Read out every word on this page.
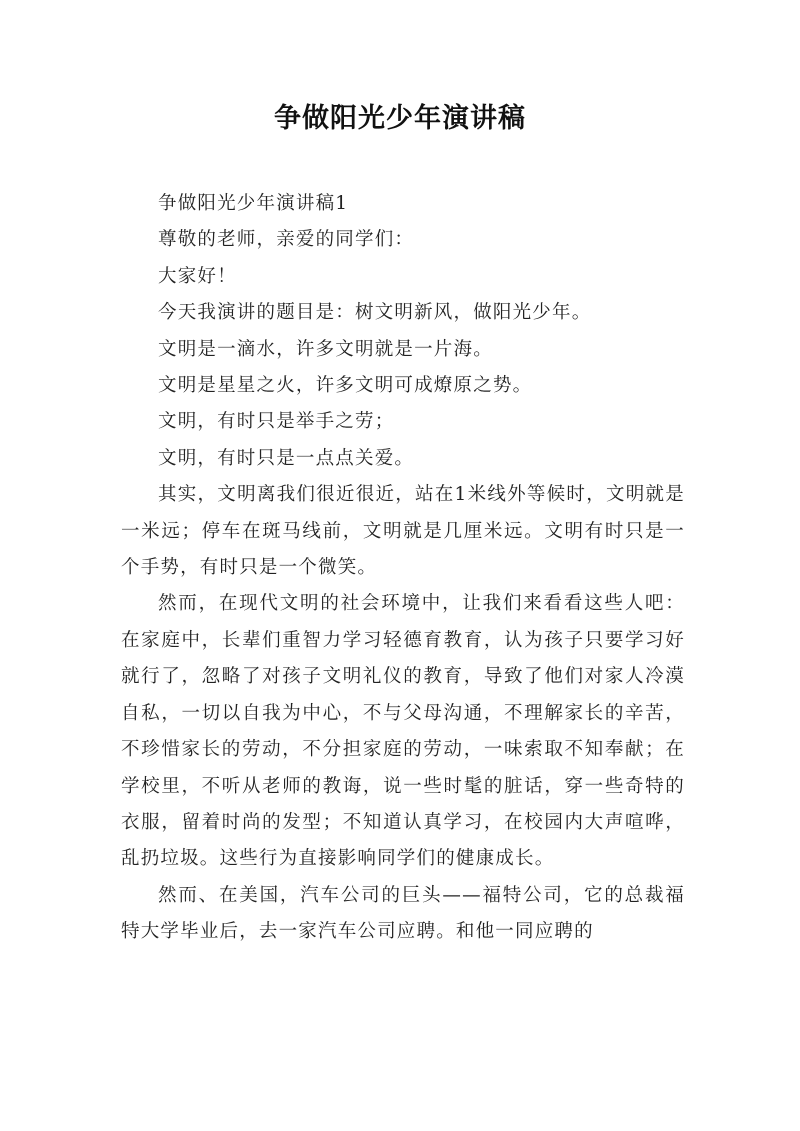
争做阳光少年演讲稿

争做阳光少年演讲稿1

尊敬的老师，亲爱的同学们：

大家好！

今天我演讲的题目是：树文明新风，做阳光少年。

文明是一滴水，许多文明就是一片海。

文明是星星之火，许多文明可成燎原之势。

文明，有时只是举手之劳；

文明，有时只是一点点关爱。

其实，文明离我们很近很近，站在1米线外等候时，文明就是一米远；停车在斑马线前，文明就是几厘米远。文明有时只是一个手势，有时只是一个微笑。

然而，在现代文明的社会环境中，让我们来看看这些人吧：在家庭中，长辈们重智力学习轻德育教育，认为孩子只要学习好就行了，忽略了对孩子文明礼仪的教育，导致了他们对家人冷漠自私，一切以自我为中心，不与父母沟通，不理解家长的辛苦，不珍惜家长的劳动，不分担家庭的劳动，一味索取不知奉献；在学校里，不听从老师的教诲，说一些时髦的脏话，穿一些奇特的衣服，留着时尚的发型；不知道认真学习，在校园内大声喧哗，乱扔垃圾。这些行为直接影响同学们的健康成长。

然而、在美国，汽车公司的巨头——福特公司，它的总裁福特大学毕业后，去一家汽车公司应聘。和他一同应聘的
